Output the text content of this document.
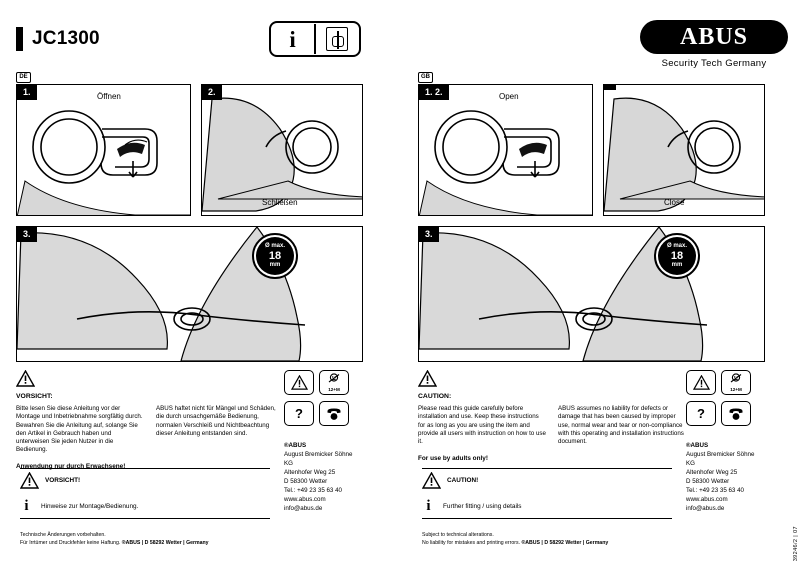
JC1300	i	ABUS
Security Tech Germany
DE
1.	Öffnen	2.
Schließen
3.
Ø max.
18
mm
VORSICHT:
Bitte lesen Sie diese Anleitung vor der Montage und Inbetriebnahme sorgfältig durch. Bewahren Sie die Anleitung auf, solange Sie den Artikel in Gebrauch haben und unterweisen Sie jeden Nutzer in die Bedienung.
ABUS haftet nicht für Mängel und Schäden, die durch unsachgemäße Bedienung, normalen Verschleiß und Nichtbeachtung dieser Anleitung entstanden sind.
Anwendung nur durch Erwachsene!
12+M
?
®ABUS
August Bremicker Söhne KG
Altenhofer Weg 25
D 58300 Wetter
Tel.: +49 23 35 63 40
www.abus.com
info@abus.de
VORSICHT!
i	Hinweise zur Montage/Bedienung.
Technische Änderungen vorbehalten.
Für Irrtümer und Druckfehler keine Haftung. ®ABUS | D 58292 Wetter | Germany
GB
1. 2.	Open
Close
3.
Ø max.
18
mm
CAUTION:
Please read this guide carefully before installation and use. Keep these instructions for as long as you are using the item and provide all users with instruction on how to use it.
ABUS assumes no liability for defects or damage that has been caused by improper use, normal wear and tear or non-compliance with this operating and installation instructions document.
For use by adults only!
12+M
?
®ABUS
August Bremicker Söhne KG
Altenhofer Weg 25
D 58300 Wetter
Tel.: +49 23 35 63 40
www.abus.com
info@abus.de
CAUTION!
i	Further fitting / using details
Subject to technical alterations.
No liability for mistakes and printing errors. ®ABUS | D 58292 Wetter | Germany	39246/2 | 07
